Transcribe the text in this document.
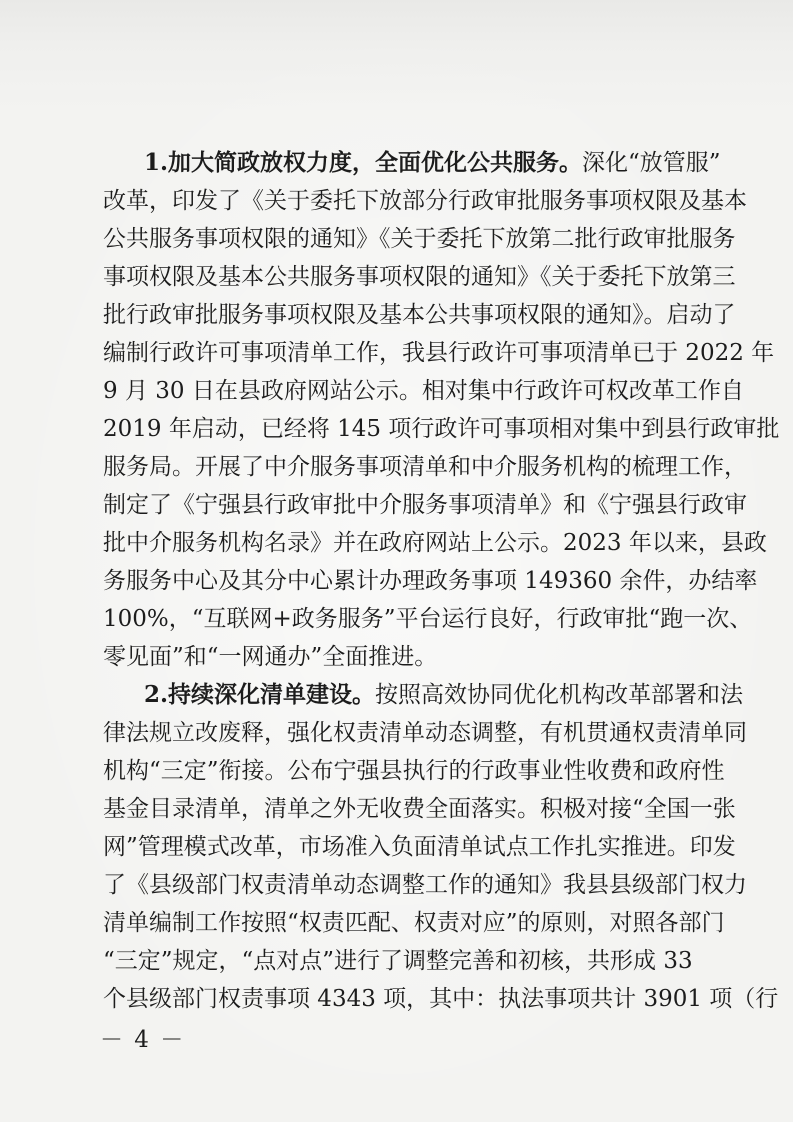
1.加大简政放权力度，全面优化公共服务。深化“放管服”
改革，印发了《关于委托下放部分行政审批服务事项权限及基本
公共服务事项权限的通知》《关于委托下放第二批行政审批服务
事项权限及基本公共服务事项权限的通知》《关于委托下放第三
批行政审批服务事项权限及基本公共事项权限的通知》。启动了
编制行政许可事项清单工作，我县行政许可事项清单已于 2022 年
9 月 30 日在县政府网站公示。相对集中行政许可权改革工作自
2019 年启动，已经将 145 项行政许可事项相对集中到县行政审批
服务局。开展了中介服务事项清单和中介服务机构的梳理工作，
制定了《宁强县行政审批中介服务事项清单》和《宁强县行政审
批中介服务机构名录》并在政府网站上公示。2023 年以来，县政
务服务中心及其分中心累计办理政务事项 149360 余件，办结率
100%，“互联网+政务服务”平台运行良好，行政审批“跑一次、
零见面”和“一网通办”全面推进。
2.持续深化清单建设。按照高效协同优化机构改革部署和法
律法规立改废释，强化权责清单动态调整，有机贯通权责清单同
机构“三定”衔接。公布宁强县执行的行政事业性收费和政府性
基金目录清单，清单之外无收费全面落实。积极对接“全国一张
网”管理模式改革，市场准入负面清单试点工作扎实推进。印发
了《县级部门权责清单动态调整工作的通知》我县县级部门权力
清单编制工作按照“权责匹配、权责对应”的原则，对照各部门
“三定”规定，“点对点”进行了调整完善和初核，共形成 33
个县级部门权责事项 4343 项，其中：执法事项共计 3901 项（行
－ 4 －
